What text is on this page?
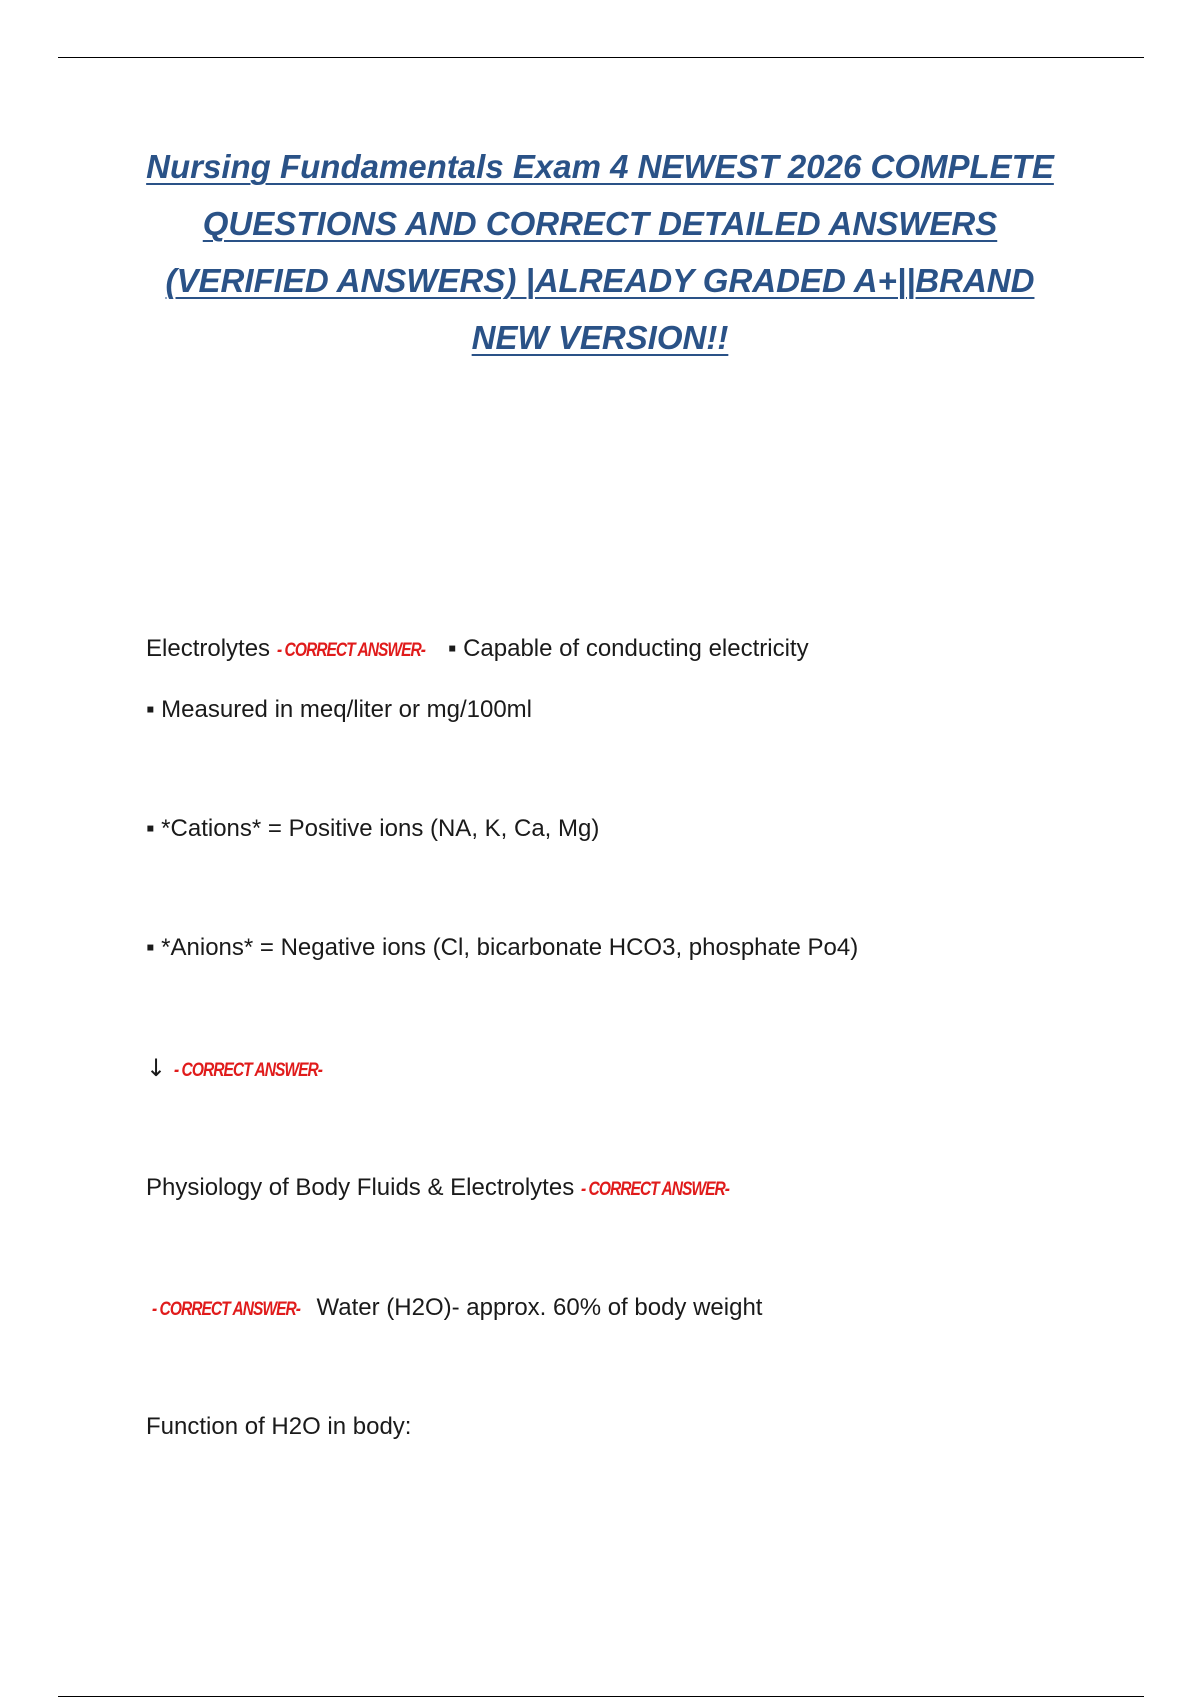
Nursing Fundamentals Exam 4 NEWEST 2026 COMPLETE
QUESTIONS AND CORRECT DETAILED ANSWERS
(VERIFIED ANSWERS) |ALREADY GRADED A+||BRAND
NEW VERSION!!

Electrolytes - CORRECT ANSWER- ▪ Capable of conducting electricity

▪ Measured in meq/liter or mg/100ml

▪ *Cations* = Positive ions (NA, K, Ca, Mg)

▪ *Anions* = Negative ions (Cl, bicarbonate HCO3, phosphate Po4)

↓ - CORRECT ANSWER-

Physiology of Body Fluids & Electrolytes - CORRECT ANSWER-

- CORRECT ANSWER- Water (H2O)- approx. 60% of body weight

Function of H2O in body:
